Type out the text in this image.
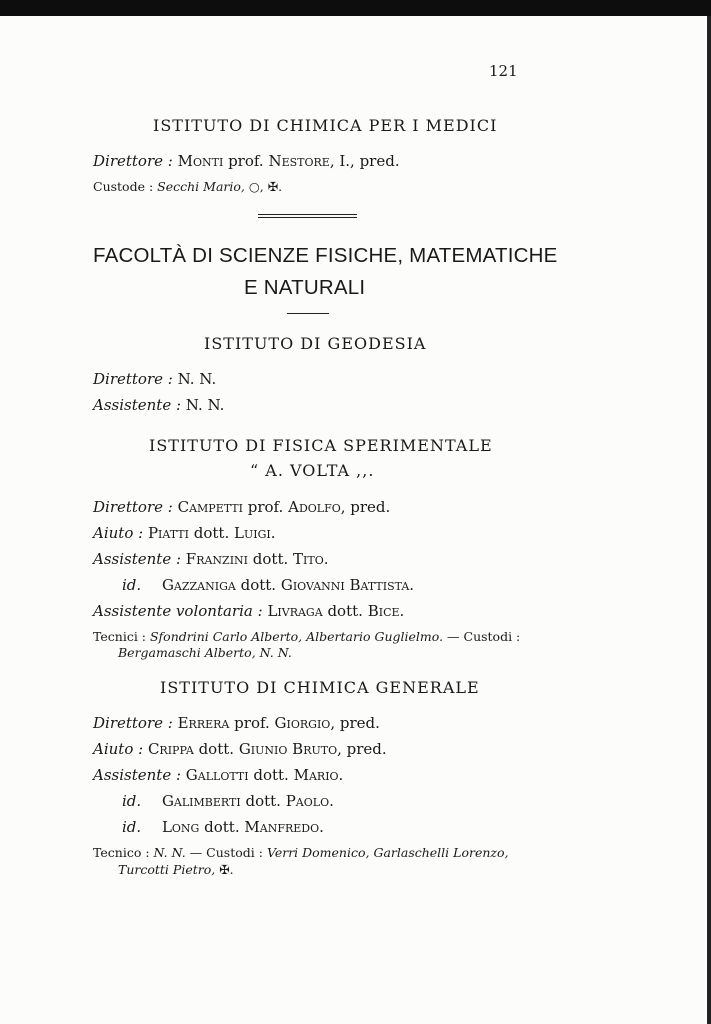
121
ISTITUTO DI CHIMICA PER I MEDICI
Direttore : Monti prof. Nestore, I., pred.
Custode : Secchi Mario, ○, ✠.
FACOLTÀ DI SCIENZE FISICHE, MATEMATICHE
E NATURALI
ISTITUTO DI GEODESIA
Direttore : N. N.
Assistente : N. N.
ISTITUTO DI FISICA SPERIMENTALE
“ A. VOLTA ,,.
Direttore : Campetti prof. Adolfo, pred.
Aiuto : Piatti dott. Luigi.
Assistente : Franzini dott. Tito.
id. Gazzaniga dott. Giovanni Battista.
Assistente volontaria : Livraga dott. Bice.
Tecnici : Sfondrini Carlo Alberto, Albertario Guglielmo. — Custodi :
Bergamaschi Alberto, N. N.
ISTITUTO DI CHIMICA GENERALE
Direttore : Errera prof. Giorgio, pred.
Aiuto : Crippa dott. Giunio Bruto, pred.
Assistente : Gallotti dott. Mario.
id. Galimberti dott. Paolo.
id. Long dott. Manfredo.
Tecnico : N. N. — Custodi : Verri Domenico, Garlaschelli Lorenzo,
Turcotti Pietro, ✠.
